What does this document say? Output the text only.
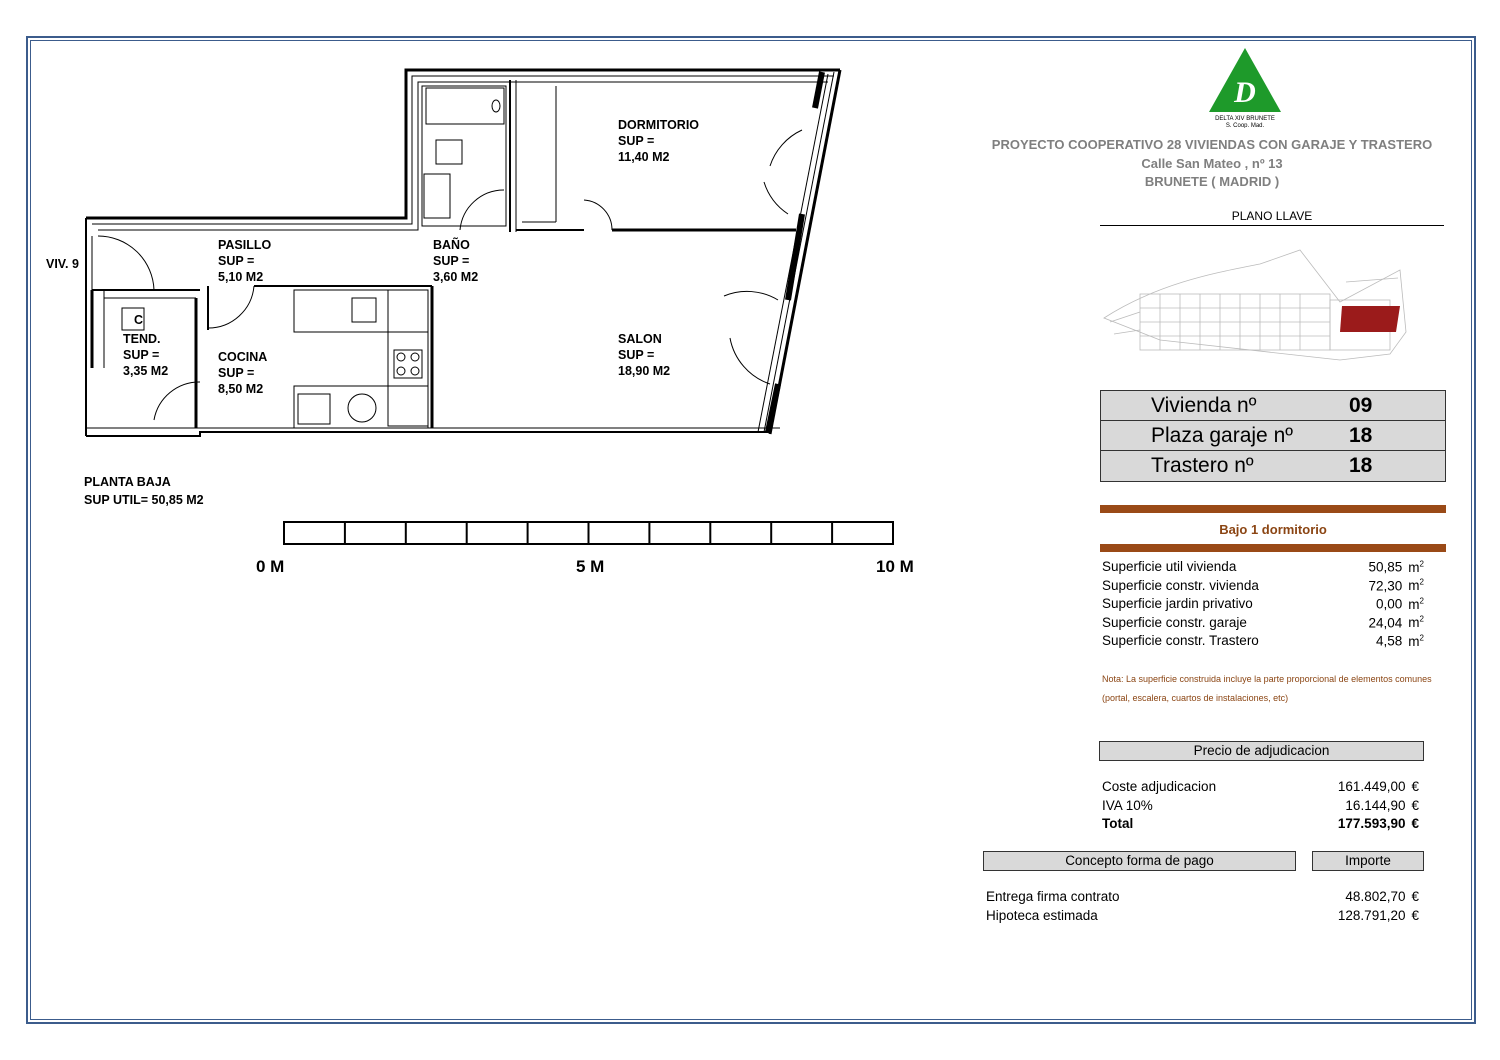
VIV. 9
C
DORMITORIO
SUP =
11,40 M2
PASILLO
SUP =
5,10 M2
BAÑO
SUP =
3,60 M2
TEND.
SUP =
3,35 M2
COCINA
SUP =
8,50 M2
SALON
SUP =
18,90 M2
PLANTA BAJA
SUP UTIL= 50,85 M2
0 M	5 M	10 M
D
DELTA XIV BRUNETE
S. Coop. Mad.
PROYECTO COOPERATIVO 28 VIVIENDAS CON GARAJE Y TRASTERO
Calle San Mateo , nº 13
BRUNETE ( MADRID )
PLANO LLAVE
Vivienda nº	09
Plaza garaje nº	18
Trastero nº	18
Bajo 1 dormitorio
Superficie util vivienda	50,85 $m^2$
Superficie constr. vivienda	72,30 $m^2$
Superficie jardin privativo	0,00 $m^2$
Superficie constr. garaje	24,04 $m^2$
Superficie constr. Trastero	4,58 $m^2$
Nota: La superficie construida incluye la parte proporcional de elementos comunes (portal, escalera, cuartos de instalaciones, etc)
Precio de adjudicacion
Coste adjudicacion	161.449,00 €
IVA 10%	16.144,90 €
Total	177.593,90 €
Concepto forma de pago	Importe
Entrega firma contrato	48.802,70 €
Hipoteca estimada	128.791,20 €
